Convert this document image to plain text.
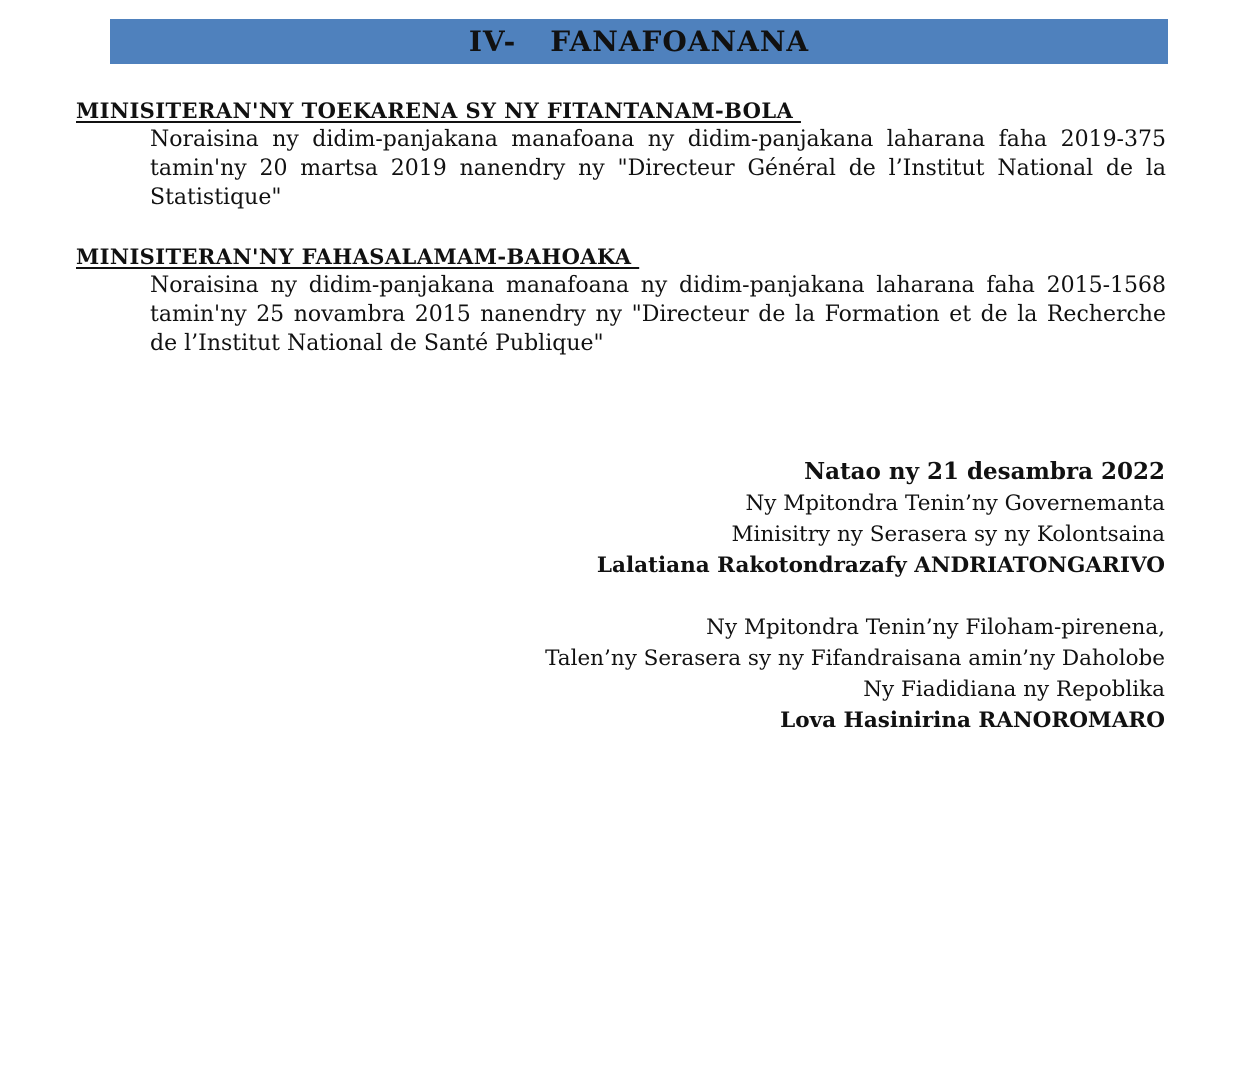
IV- FANAFOANANA
MINISITERAN'NY TOEKARENA SY NY FITANTANAM-BOLA
Noraisina ny didim-panjakana manafoana ny didim-panjakana laharana faha 2019-375 tamin'ny 20 martsa 2019 nanendry ny "Directeur Général de l’Institut National de la Statistique"
MINISITERAN'NY FAHASALAMAM-BAHOAKA
Noraisina ny didim-panjakana manafoana ny didim-panjakana laharana faha 2015-1568 tamin'ny 25 novambra 2015 nanendry ny "Directeur de la Formation et de la Recherche de l’Institut National de Santé Publique"
Natao ny 21 desambra 2022
Ny Mpitondra Tenin’ny Governemanta
Minisitry ny Serasera sy ny Kolontsaina
Lalatiana Rakotondrazafy ANDRIATONGARIVO
Ny Mpitondra Tenin’ny Filoham-pirenena,
Talen’ny Serasera sy ny Fifandraisana amin’ny Daholobe
Ny Fiadidiana ny Repoblika
Lova Hasinirina RANOROMARO
